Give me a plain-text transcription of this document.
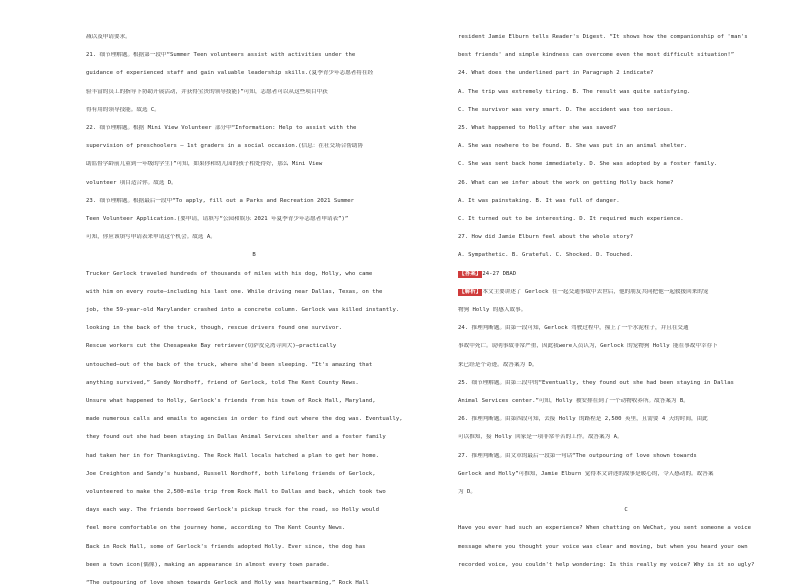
减以及申请要求。
21. 细节理解题。根据第一段中“Summer Teen volunteers assist with activities under the
guidance of experienced staff and gain valuable leadership skills.(夏季青少年志愿者将在经
验丰富的员工的指导下协助开展活动，并获得宝贵的领导技能)”可知，志愿者可以从这些项目中获
得有用的领导技能。故选 C。
22. 细节理解题。根据 Mini View Volunteer 部分中“Information: Help to assist with the
supervision of preschoolers — 1st graders in a social occasion.(信息：在社交场合帮助协
助监督学龄前儿童到一年级的学生)”可知，如果你和幼儿园的孩子相处得好，那么 Mini View
volunteer 项目适合你。故选 D。
23. 细节理解题。根据最后一段中“To apply, fill out a Parks and Recreation 2021 Summer
Teen Volunteer Application.(要申请，请填写“公园和娱乐 2021 年夏季青少年志愿者申请表”)”
可知，你应该填写申请表来申请这个机会。故选 A。
B
Trucker Gerlock traveled hundreds of thousands of miles with his dog, Holly, who came
with him on every route—including his last one. While driving near Dallas, Texas, on the
job, the 59-year-old Marylander crashed into a concrete column. Gerlock was killed instantly.
looking in the back of the truck, though, rescue drivers found one survivor.
Rescue workers cut the Chesapeake Bay retriever(切萨皮克湾寻回犬)—practically
untouched—out of the back of the truck, where she'd been sleeping. “It's amazing that
anything survived,” Sandy Nordhoff, friend of Gerlock, told The Kent County News.
Unsure what happened to Holly, Gerlock's friends from his town of Rock Hall, Maryland,
made numerous calls and emails to agencies in order to find out where the dog was. Eventually,
they found out she had been staying in Dallas Animal Services shelter and a foster family
had taken her in for Thanksgiving. The Rock Hall locals hatched a plan to get her home.
Joe Creighton and Sandy's husband, Russell Nordhoff, both lifelong friends of Gerlock,
volunteered to make the 2,500-mile trip from Rock Hall to Dallas and back, which took two
days each way. The friends borrowed Gerlock's pickup truck for the road, so Holly would
feel more comfortable on the journey home, according to The Kent County News.
Back in Rock Hall, some of Gerlock's friends adopted Holly. Ever since, the dog has
been a town icon(偶像), making an appearance in almost every town parade.
“The outpouring of love shown towards Gerlock and Holly was heartwarming,” Rock Hall
resident Jamie Elburn tells Reader's Digest. “It shows how the companionship of 'man's
best friends' and simple kindness can overcome even the most difficult situation!”
24. What does the underlined part in Paragraph 2 indicate?
A. The trip was extremely tiring. B. The result was quite satisfying.
C. The survivor was very smart. D. The accident was too serious.
25. What happened to Holly after she was saved?
A. She was nowhere to be found. B. She was put in an animal shelter.
C. She was sent back home immediately. D. She was adopted by a foster family.
26. What can we infer about the work on getting Holly back home?
A. It was painstaking. B. It was full of danger.
C. It turned out to be interesting. D. It required much experience.
27. How did Jamie Elburn feel about the whole story?
A. Sympathetic. B. Grateful. C. Shocked. D. Touched.
【答案】24-27 DBAD
【解析】本文主要讲述了 Gerlock 在一起交通事故中去世后，他的朋友共同把他一起救援回来的宠
物狗 Holly 的感人故事。
24. 推理判断题。由第一段可知，Gerlock 驾驶过程中，撞上了一个水泥柱子，并且在交通
事故中死亡。说明事故非常严重，因此我were人员认为，Gerlock 的宠物狗 Holly 能在事故中幸存下
来已经是个奇迹。故答案为 D。
25. 细节理解题。由第三段中的“Eventually, they found out she had been staying in Dallas
Animal Services center.”可知，Holly 被安排在到了一个动物收养所。故答案为 B。
26. 推理判断题。由第四段可知，去接 Holly 的路程是 2,500 英里，且需要 4 天的时间，由此
可以推知，接 Holly 回家是一项非常辛苦的工作。故答案为 A。
27. 推理判断题。由文章的最后一段第一句话“The outpouring of love shown towards
Gerlock and Holly”可推知，Jamie Elburn 觉得本文讲述的故事是暖心的，令人感动的。故答案
为 D。
C
Have you ever had such an experience? When chatting on WeChat, you sent someone a voice
message where you thought your voice was clear and moving, but when you heard your own
recorded voice, you couldn't help wondering: Is this really my voice? Why is it so ugly?
